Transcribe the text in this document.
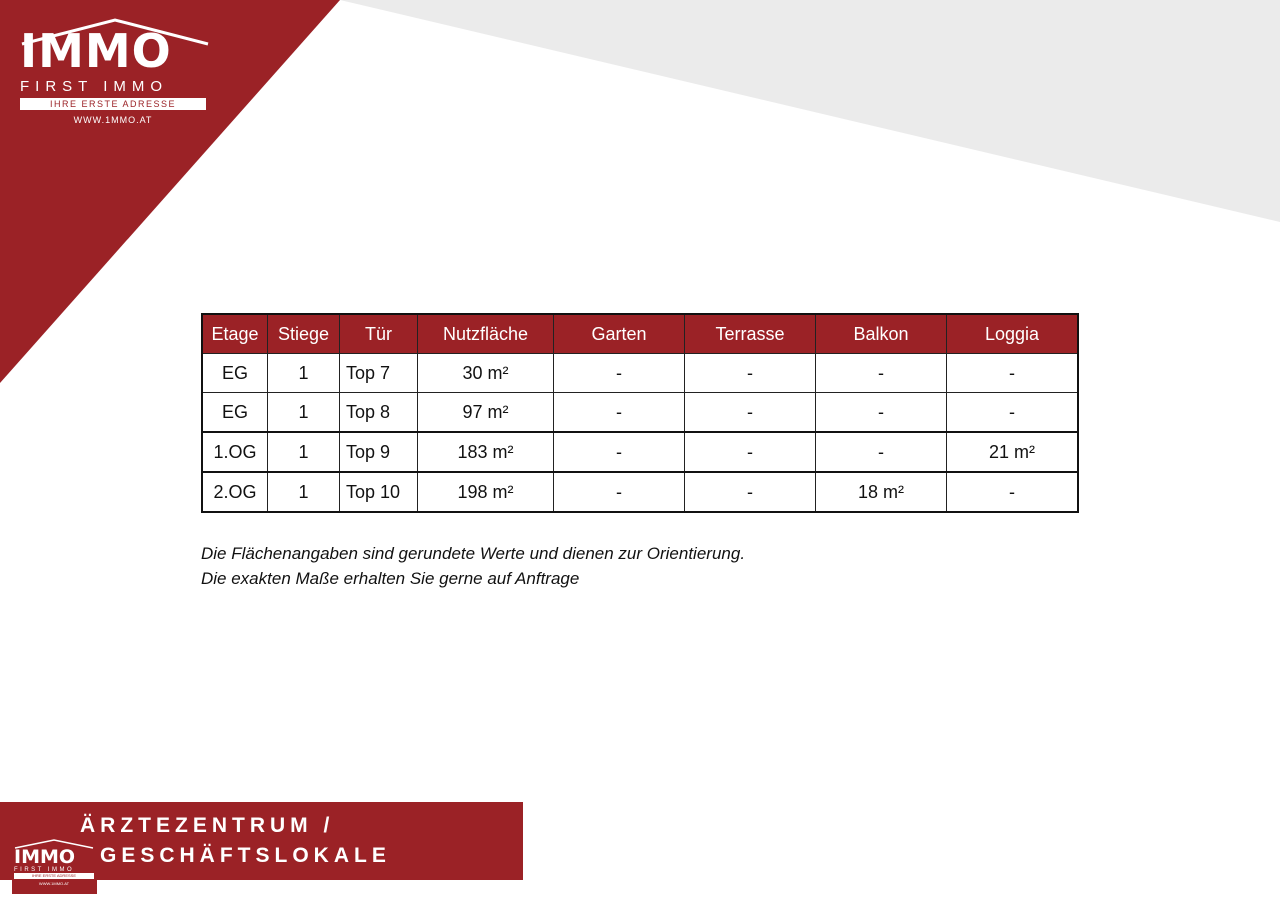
IMMO
FIRST IMMO
IHRE ERSTE ADRESSE
WWW.1MMO.AT
Etage	Stiege	Tür	Nutzfläche	Garten	Terrasse	Balkon	Loggia
EG	1	Top 7	30 m²	-	-	-	-
EG	1	Top 8	97 m²	-	-	-	-
1.OG	1	Top 9	183 m²	-	-	-	21 m²
2.OG	1	Top 10	198 m²	-	-	18 m²	-
Die Flächenangaben sind gerundete Werte und dienen zur Orientierung.
Die exakten Maße erhalten Sie gerne auf Anftrage
ÄRZTEZENTRUM /
GESCHÄFTSLOKALE
IMMO
FIRST IMMO
IHRE ERSTE ADRESSE
WWW.1MMO.AT
